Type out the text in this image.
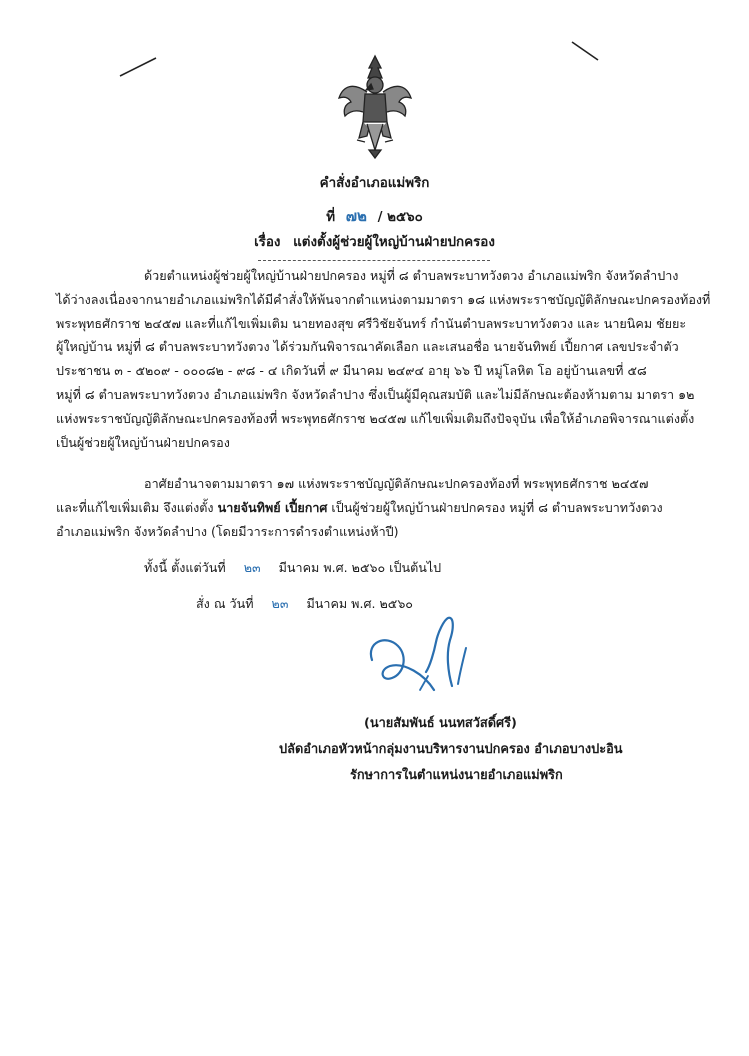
คำสั่งอำเภอแม่พริก
ที่ ๗๒ / ๒๕๖๐
เรื่อง แต่งตั้งผู้ช่วยผู้ใหญ่บ้านฝ่ายปกครอง
ด้วยตำแหน่งผู้ช่วยผู้ใหญ่บ้านฝ่ายปกครอง หมู่ที่ ๘ ตำบลพระบาทวังตวง อำเภอแม่พริก จังหวัดลำปาง
ได้ว่างลงเนื่องจากนายอำเภอแม่พริกได้มีคำสั่งให้พ้นจากตำแหน่งตามมาตรา ๑๘ แห่งพระราชบัญญัติลักษณะปกครองท้องที่
พระพุทธศักราช ๒๔๕๗ และที่แก้ไขเพิ่มเติม นายทองสุข ศรีวิชัยจันทร์ กำนันตำบลพระบาทวังตวง และ นายนิคม ชัยยะ
ผู้ใหญ่บ้าน หมู่ที่ ๘ ตำบลพระบาทวังตวง ได้ร่วมกันพิจารณาคัดเลือก และเสนอชื่อ นายจันทิพย์ เปี้ยกาศ เลขประจำตัว
ประชาชน ๓ - ๕๒๐๙ - ๐๐๐๘๒ - ๙๘ - ๔ เกิดวันที่ ๙ มีนาคม ๒๔๙๔ อายุ ๖๖ ปี หมู่โลหิต โอ อยู่บ้านเลขที่ ๕๘
หมู่ที่ ๘ ตำบลพระบาทวังตวง อำเภอแม่พริก จังหวัดลำปาง ซึ่งเป็นผู้มีคุณสมบัติ และไม่มีลักษณะต้องห้ามตาม มาตรา ๑๒
แห่งพระราชบัญญัติลักษณะปกครองท้องที่ พระพุทธศักราช ๒๔๕๗ แก้ไขเพิ่มเติมถึงปัจจุบัน เพื่อให้อำเภอพิจารณาแต่งตั้ง
เป็นผู้ช่วยผู้ใหญ่บ้านฝ่ายปกครอง
อาศัยอำนาจตามมาตรา ๑๗ แห่งพระราชบัญญัติลักษณะปกครองท้องที่ พระพุทธศักราช ๒๔๕๗
และที่แก้ไขเพิ่มเติม จึงแต่งตั้ง นายจันทิพย์ เปี้ยกาศ เป็นผู้ช่วยผู้ใหญ่บ้านฝ่ายปกครอง หมู่ที่ ๘ ตำบลพระบาทวังตวง
อำเภอแม่พริก จังหวัดลำปาง (โดยมีวาระการดำรงตำแหน่งห้าปี)
ทั้งนี้ ตั้งแต่วันที่ ๒๓ มีนาคม พ.ศ. ๒๕๖๐ เป็นต้นไป
สั่ง ณ วันที่ ๒๓ มีนาคม พ.ศ. ๒๕๖๐
(นายสัมพันธ์ นนทสวัสดิ์ศรี)
ปลัดอำเภอหัวหน้ากลุ่มงานบริหารงานปกครอง อำเภอบางปะอิน
รักษาการในตำแหน่งนายอำเภอแม่พริก
